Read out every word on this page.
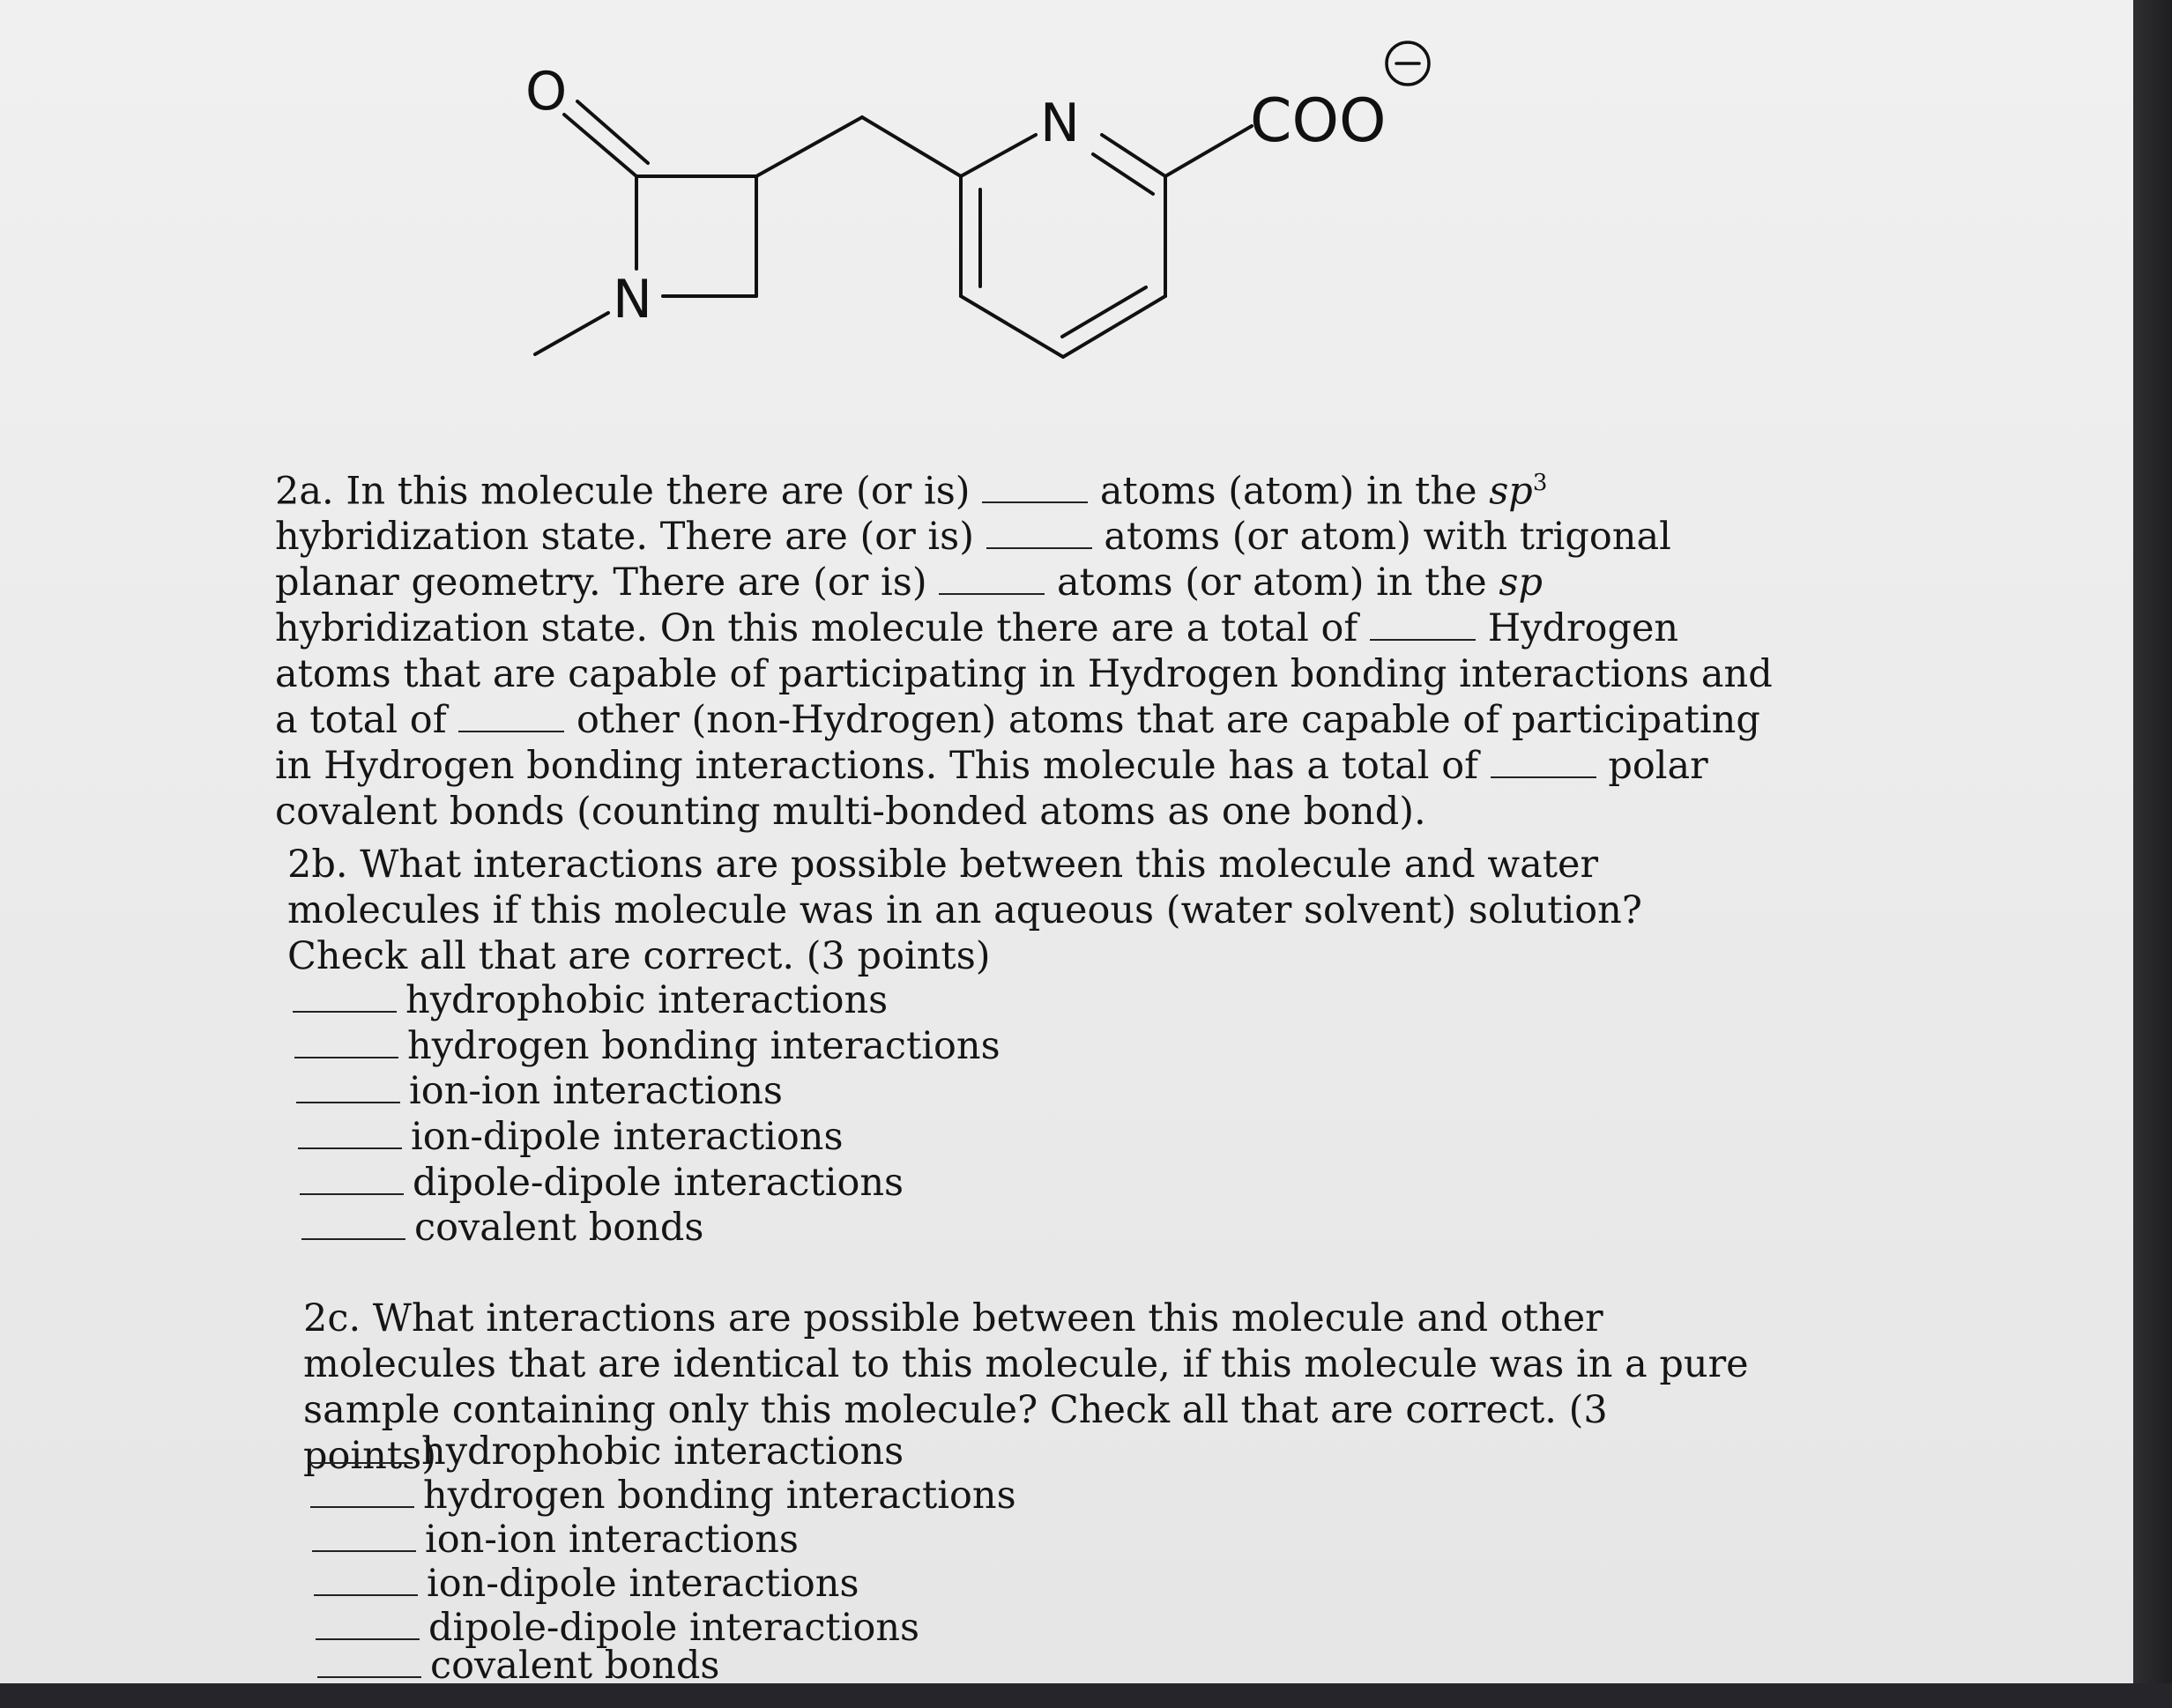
O
N
N	COO

2a. In this molecule there are (or is)	atoms (atom) in the $sp^3$ hybridization state. There are (or is)	atoms (or atom) with trigonal planar geometry. There are (or is)	atoms (or atom) in the sp hybridization state. On this molecule there are a total of	Hydrogen atoms that are capable of participating in Hydrogen bonding interactions and a total of	other (non-Hydrogen) atoms that are capable of participating in Hydrogen bonding interactions. This molecule has a total of	polar covalent bonds (counting multi-bonded atoms as one bond).

2b. What interactions are possible between this molecule and water molecules if this molecule was in an aqueous (water solvent) solution? Check all that are correct. (3 points)

hydrophobic interactions
hydrogen bonding interactions
ion-ion interactions
ion-dipole interactions
dipole-dipole interactions
covalent bonds

2c. What interactions are possible between this molecule and other molecules that are identical to this molecule, if this molecule was in a pure sample containing only this molecule? Check all that are correct. (3 points)

hydrophobic interactions
hydrogen bonding interactions
ion-ion interactions
ion-dipole interactions
dipole-dipole interactions
covalent bonds
